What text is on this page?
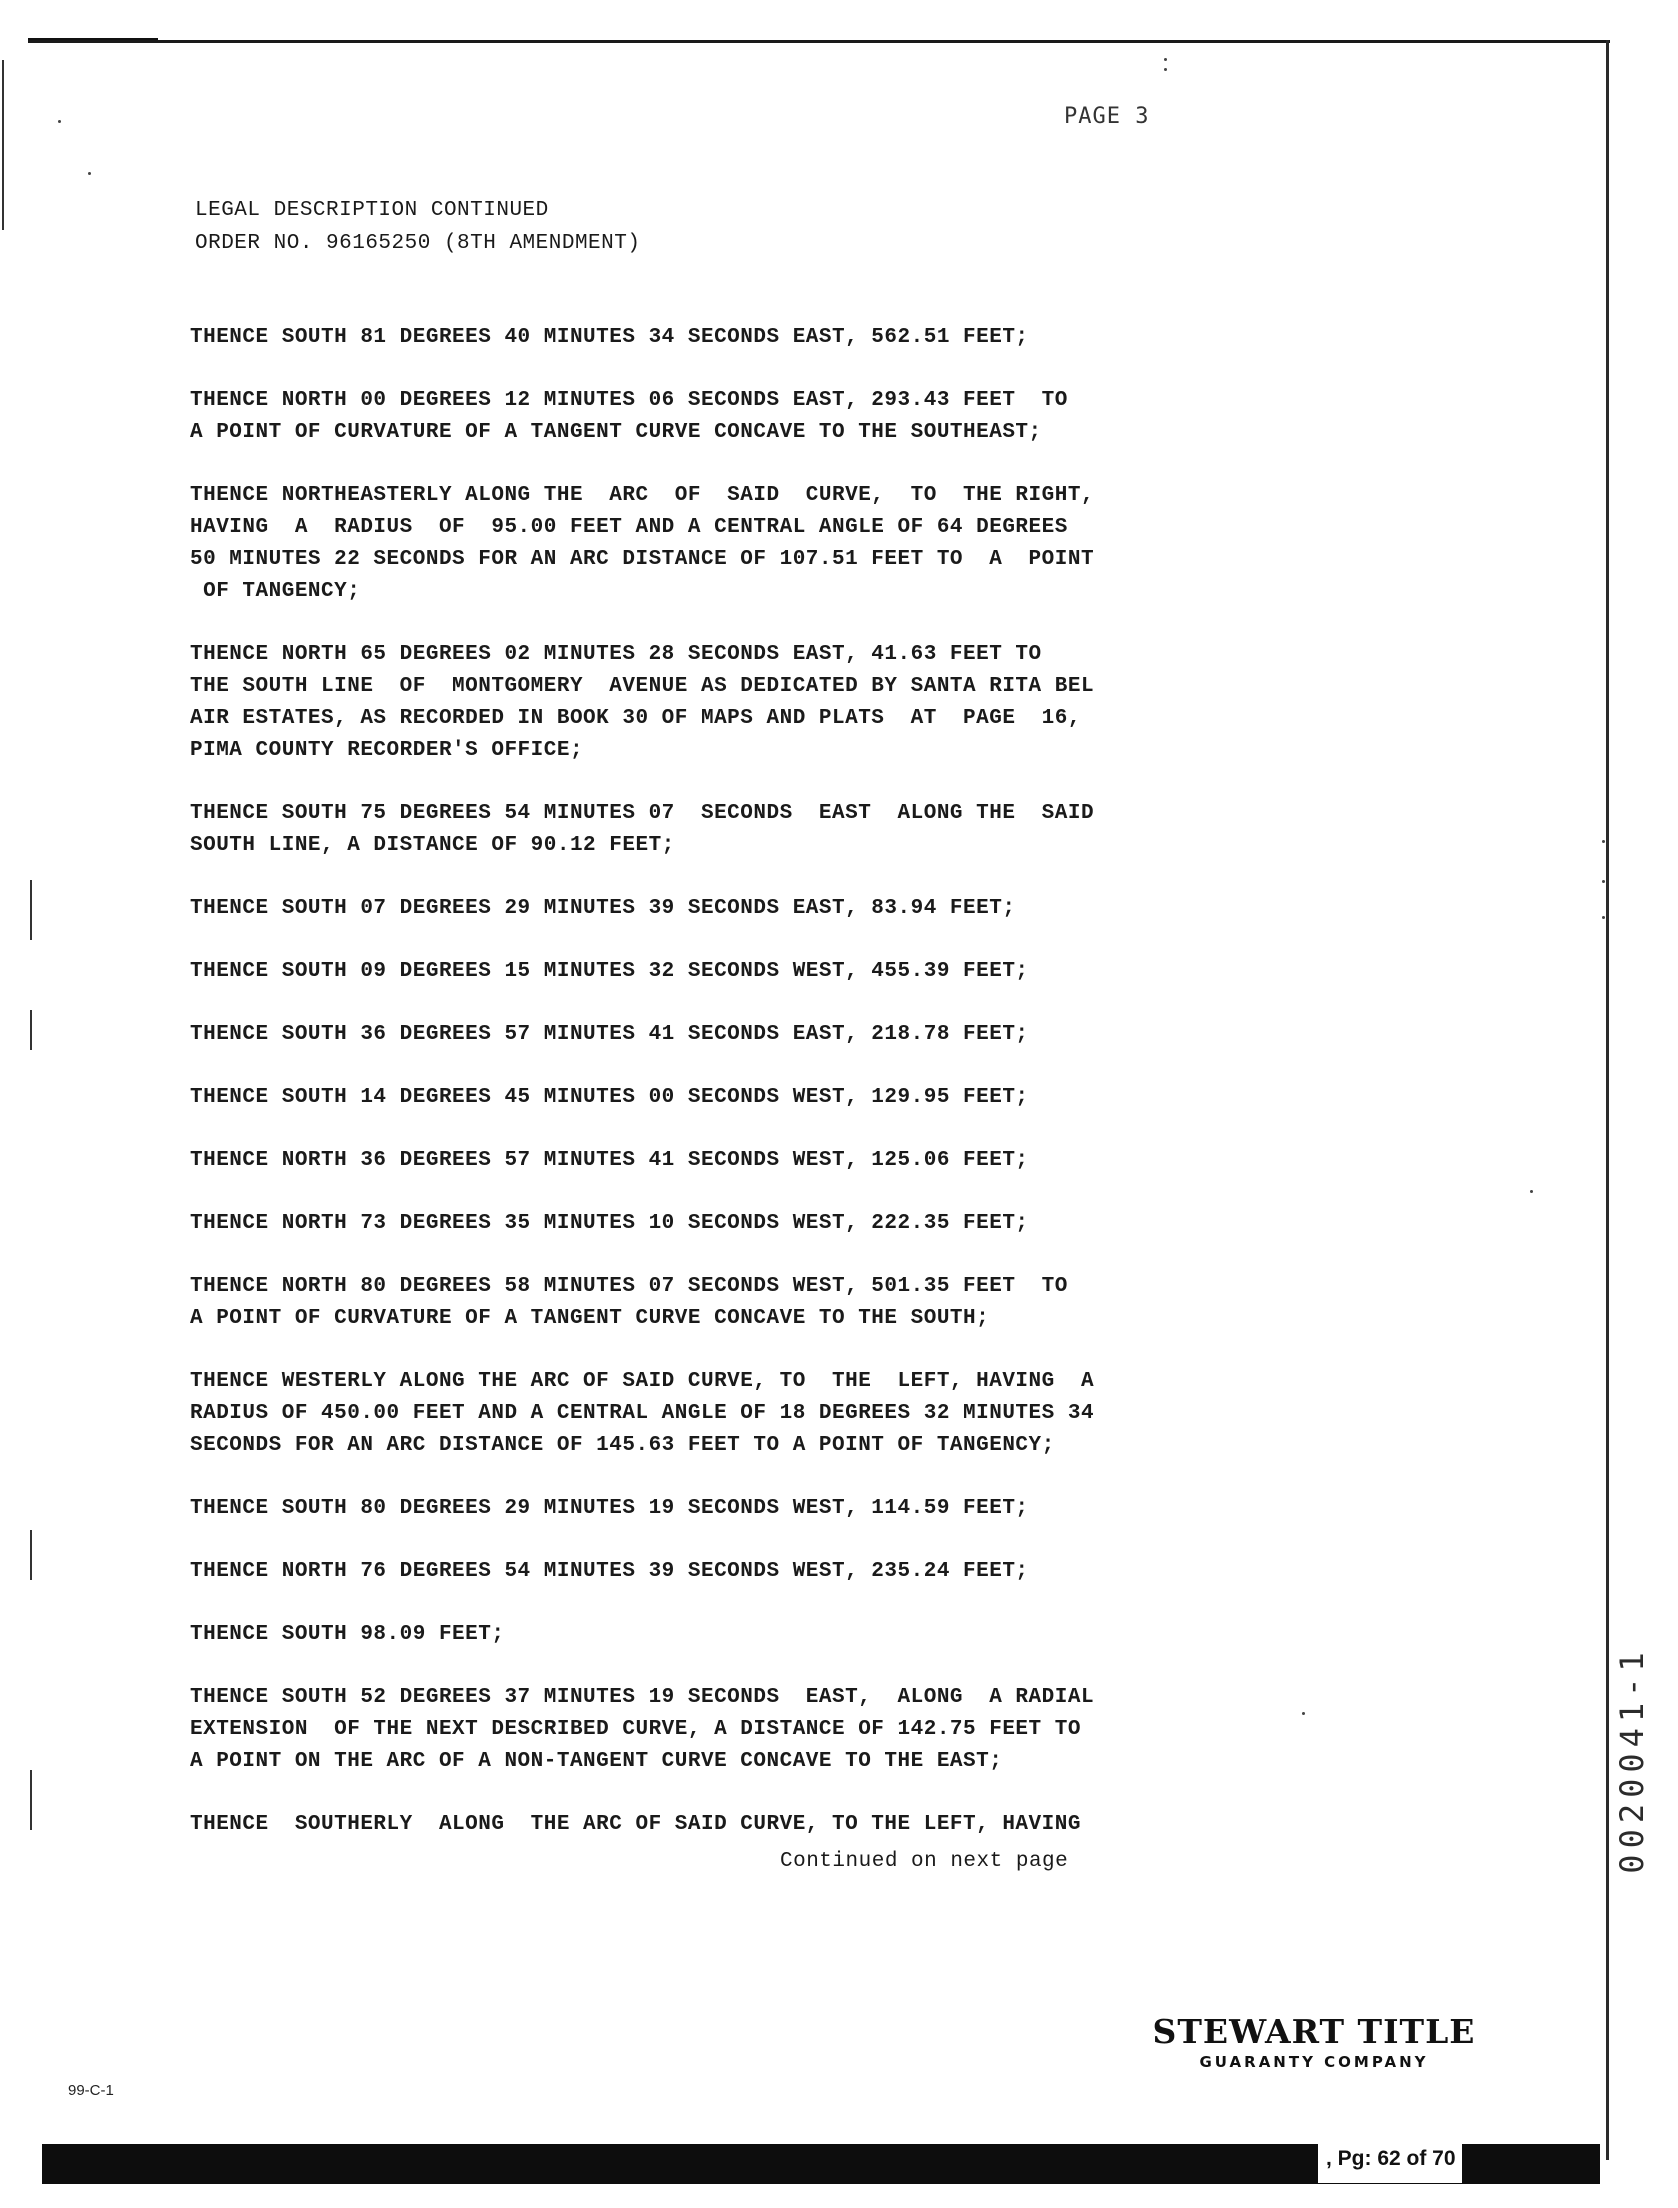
PAGE 3
LEGAL DESCRIPTION CONTINUED
ORDER NO. 96165250 (8TH AMENDMENT)

THENCE SOUTH 81 DEGREES 40 MINUTES 34 SECONDS EAST, 562.51 FEET;

THENCE NORTH 00 DEGREES 12 MINUTES 06 SECONDS EAST, 293.43 FEET  TO
A POINT OF CURVATURE OF A TANGENT CURVE CONCAVE TO THE SOUTHEAST;

THENCE NORTHEASTERLY ALONG THE  ARC  OF  SAID  CURVE,  TO  THE RIGHT,
HAVING  A  RADIUS  OF  95.00 FEET AND A CENTRAL ANGLE OF 64 DEGREES
50 MINUTES 22 SECONDS FOR AN ARC DISTANCE OF 107.51 FEET TO  A  POINT
OF TANGENCY;

THENCE NORTH 65 DEGREES 02 MINUTES 28 SECONDS EAST, 41.63 FEET TO
THE SOUTH LINE  OF  MONTGOMERY  AVENUE AS DEDICATED BY SANTA RITA BEL
AIR ESTATES, AS RECORDED IN BOOK 30 OF MAPS AND PLATS  AT  PAGE  16,
PIMA COUNTY RECORDER'S OFFICE;

THENCE SOUTH 75 DEGREES 54 MINUTES 07  SECONDS  EAST  ALONG THE  SAID
SOUTH LINE, A DISTANCE OF 90.12 FEET;

THENCE SOUTH 07 DEGREES 29 MINUTES 39 SECONDS EAST, 83.94 FEET;

THENCE SOUTH 09 DEGREES 15 MINUTES 32 SECONDS WEST, 455.39 FEET;

THENCE SOUTH 36 DEGREES 57 MINUTES 41 SECONDS EAST, 218.78 FEET;

THENCE SOUTH 14 DEGREES 45 MINUTES 00 SECONDS WEST, 129.95 FEET;

THENCE NORTH 36 DEGREES 57 MINUTES 41 SECONDS WEST, 125.06 FEET;

THENCE NORTH 73 DEGREES 35 MINUTES 10 SECONDS WEST, 222.35 FEET;

THENCE NORTH 80 DEGREES 58 MINUTES 07 SECONDS WEST, 501.35 FEET  TO
A POINT OF CURVATURE OF A TANGENT CURVE CONCAVE TO THE SOUTH;

THENCE WESTERLY ALONG THE ARC OF SAID CURVE, TO  THE  LEFT, HAVING  A
RADIUS OF 450.00 FEET AND A CENTRAL ANGLE OF 18 DEGREES 32 MINUTES 34
SECONDS FOR AN ARC DISTANCE OF 145.63 FEET TO A POINT OF TANGENCY;

THENCE SOUTH 80 DEGREES 29 MINUTES 19 SECONDS WEST, 114.59 FEET;

THENCE NORTH 76 DEGREES 54 MINUTES 39 SECONDS WEST, 235.24 FEET;

THENCE SOUTH 98.09 FEET;

THENCE SOUTH 52 DEGREES 37 MINUTES 19 SECONDS  EAST,  ALONG  A RADIAL
EXTENSION  OF THE NEXT DESCRIBED CURVE, A DISTANCE OF 142.75 FEET TO
A POINT ON THE ARC OF A NON-TANGENT CURVE CONCAVE TO THE EAST;

THENCE  SOUTHERLY  ALONG  THE ARC OF SAID CURVE, TO THE LEFT, HAVING

Continued on next page
STEWART TITLE
GUARANTY COMPANY
99-C-1
, Pg: 62 of 70
0020041-1
